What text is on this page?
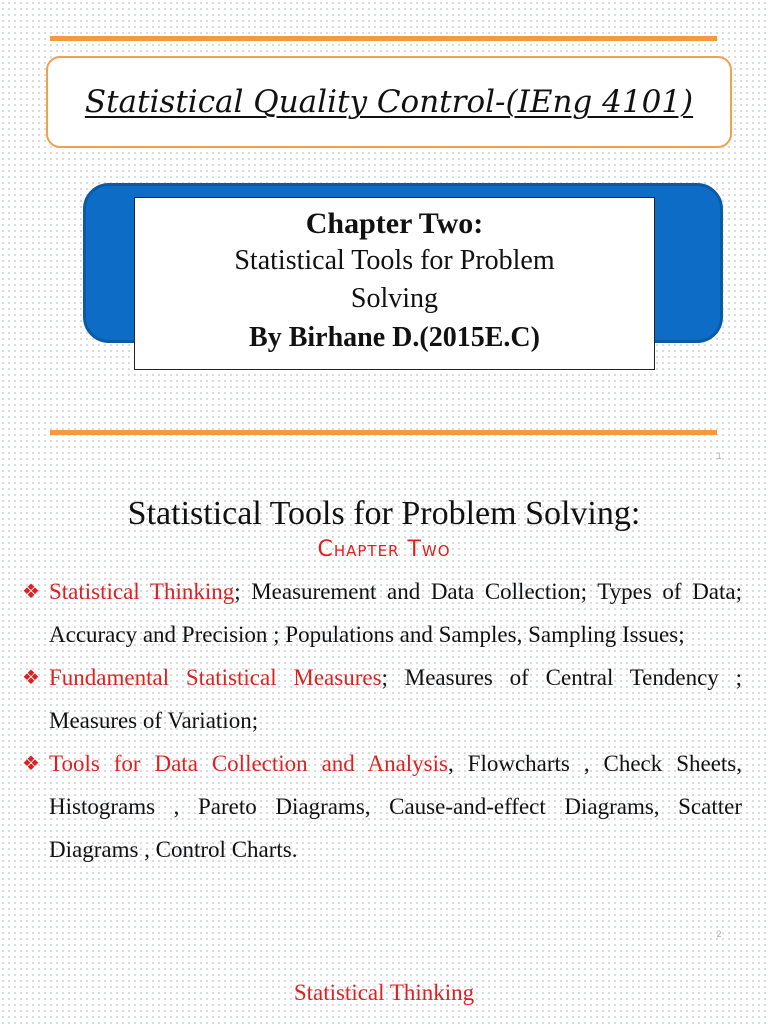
Statistical Quality Control-(IEng 4101)
Chapter Two:
Statistical Tools for Problem
Solving
By Birhane D.(2015E.C)
1
Statistical Tools for Problem Solving:
Chapter Two
❖ Statistical Thinking; Measurement and Data Collection; Types of Data; Accuracy and Precision ; Populations and Samples, Sampling Issues;
❖ Fundamental Statistical Measures; Measures of Central Tendency ; Measures of Variation;
❖ Tools for Data Collection and Analysis, Flowcharts , Check Sheets, Histograms , Pareto Diagrams, Cause-and-effect Diagrams, Scatter Diagrams , Control Charts.
2
Statistical Thinking
